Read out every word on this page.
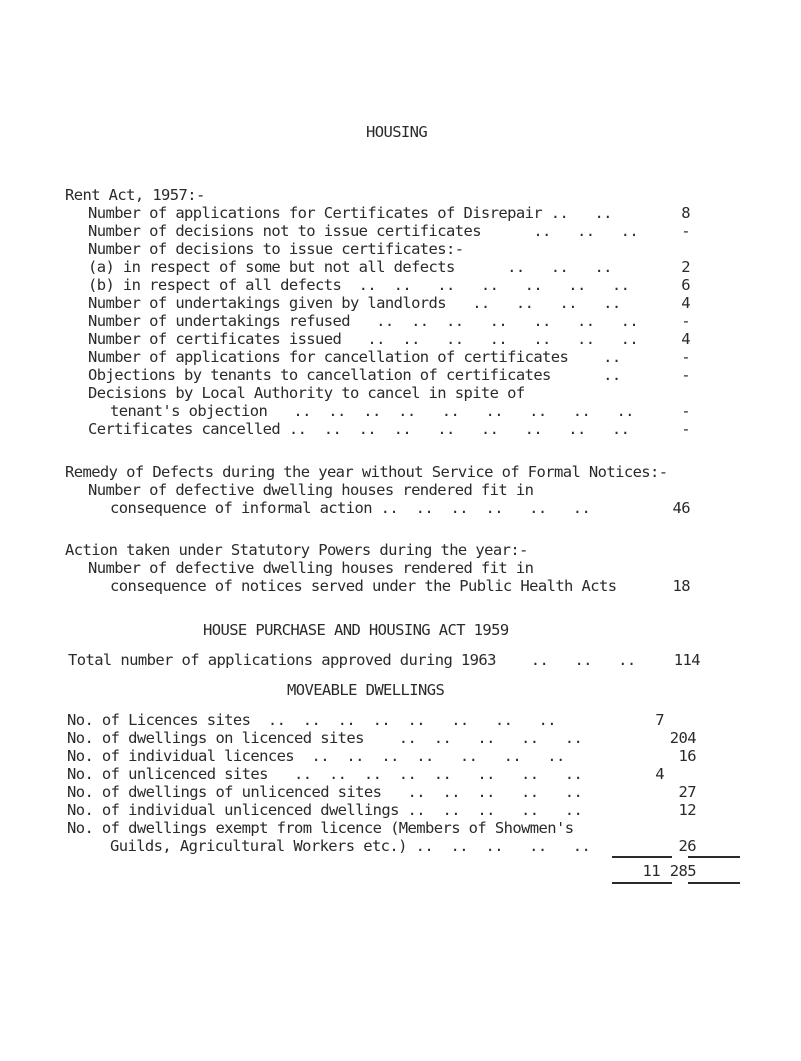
HOUSING
Rent Act, 1957:-
Number of applications for Certificates of Disrepair ..   ..	8
Number of decisions not to issue certificates      ..   ..   ..	-
Number of decisions to issue certificates:-
(a) in respect of some but not all defects      ..   ..   ..	2
(b) in respect of all defects  ..  ..   ..   ..   ..   ..   ..	6
Number of undertakings given by landlords   ..   ..   ..   ..	4
Number of undertakings refused   ..  ..  ..   ..   ..   ..   ..	-
Number of certificates issued   ..  ..   ..   ..   ..   ..   ..	4
Number of applications for cancellation of certificates    ..	-
Objections by tenants to cancellation of certificates      ..	-
Decisions by Local Authority to cancel in spite of
tenant's objection   ..  ..  ..  ..   ..   ..   ..   ..   ..	-
Certificates cancelled ..  ..  ..  ..   ..   ..   ..   ..   ..	-
Remedy of Defects during the year without Service of Formal Notices:-
Number of defective dwelling houses rendered fit in
consequence of informal action ..  ..  ..  ..   ..   ..	46
Action taken under Statutory Powers during the year:-
Number of defective dwelling houses rendered fit in
consequence of notices served under the Public Health Acts	18
HOUSE PURCHASE AND HOUSING ACT 1959
Total number of applications approved during 1963    ..   ..   ..	114
MOVEABLE DWELLINGS
No. of Licences sites  ..  ..  ..  ..  ..   ..   ..   ..	7
No. of dwellings on licenced sites    ..  ..   ..   ..   ..	204
No. of individual licences  ..  ..  ..  ..   ..   ..   ..	16
No. of unlicenced sites   ..  ..  ..  ..  ..   ..   ..   ..	4
No. of dwellings of unlicenced sites   ..  ..  ..   ..   ..	27
No. of individual unlicenced dwellings ..  ..  ..   ..   ..	12
No. of dwellings exempt from licence (Members of Showmen's
Guilds, Agricultural Workers etc.) ..  ..  ..   ..   ..	26
11 285
